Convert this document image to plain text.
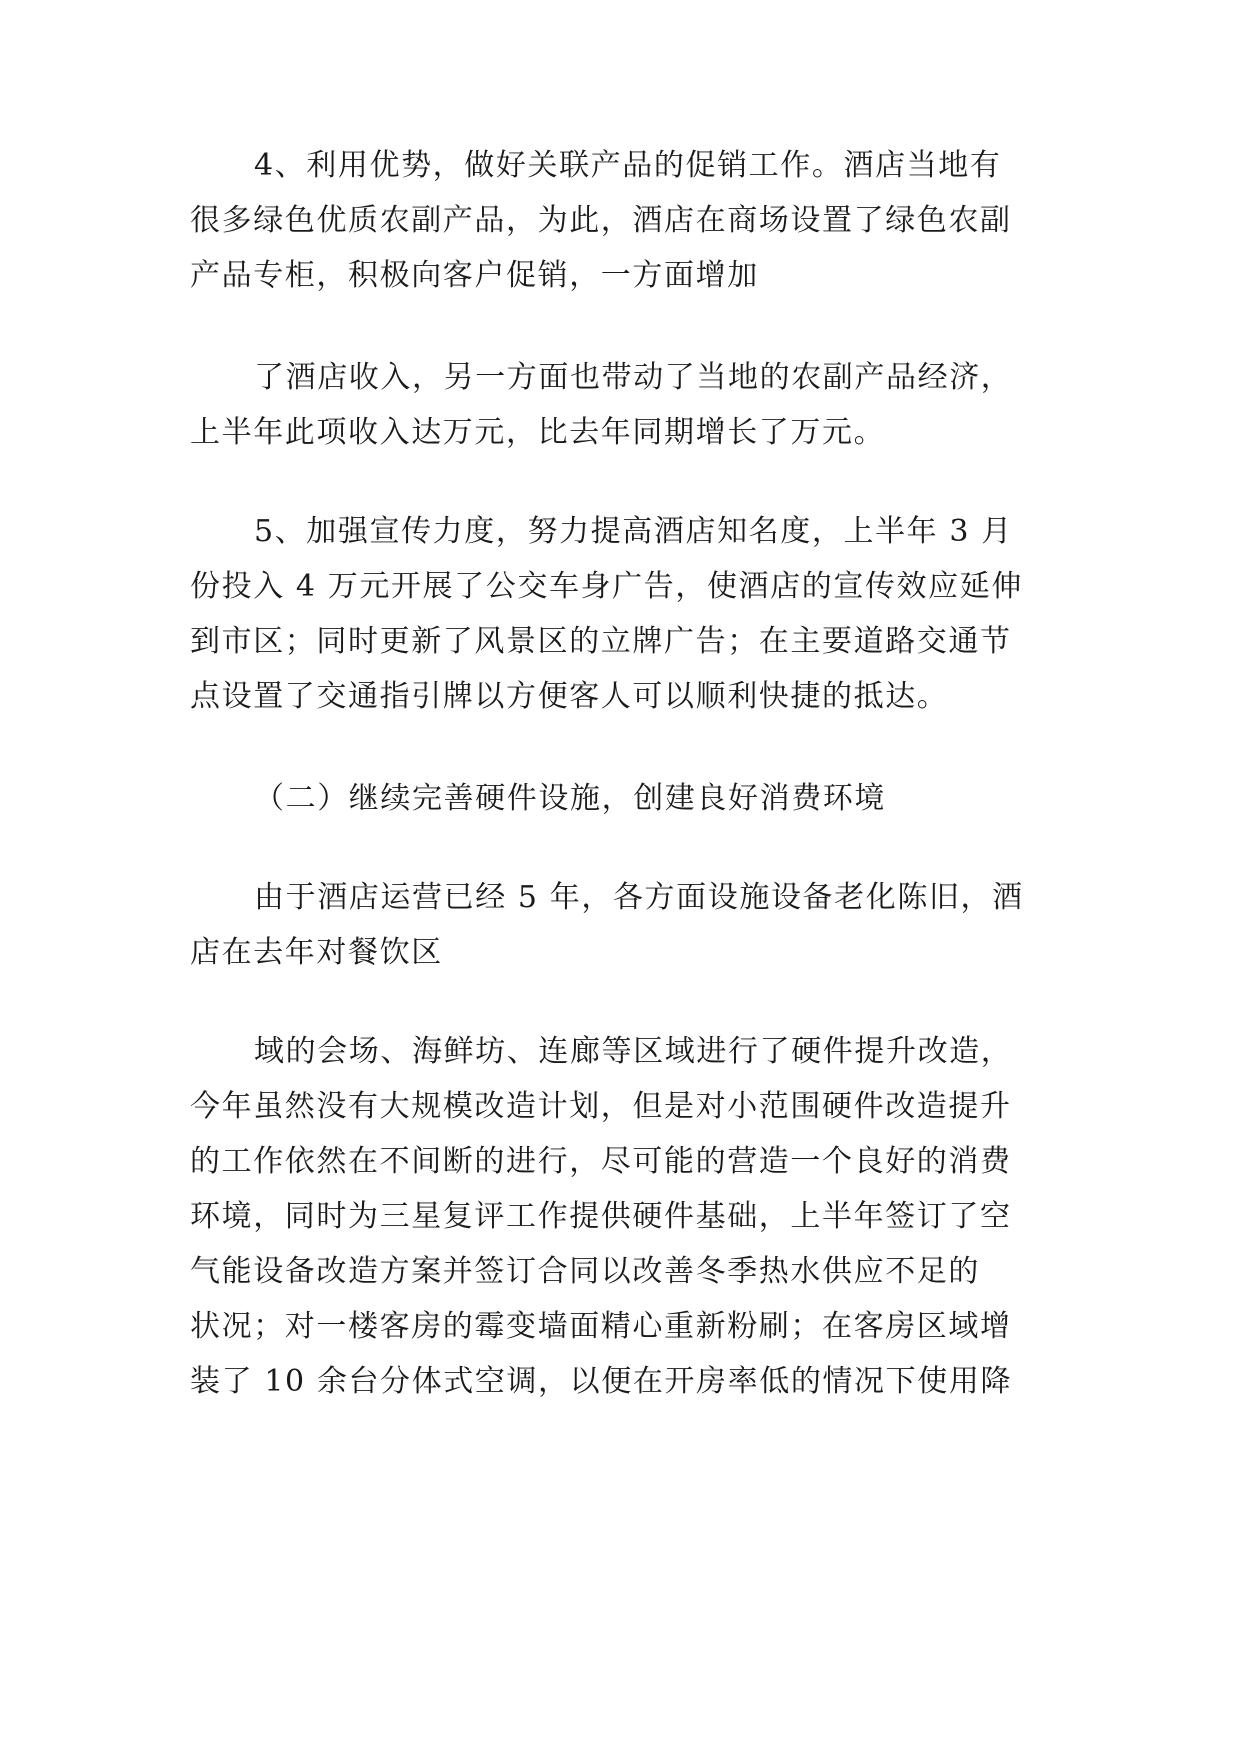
4、利用优势，做好关联产品的促销工作。酒店当地有
很多绿色优质农副产品，为此，酒店在商场设置了绿色农副
产品专柜，积极向客户促销，一方面增加
了酒店收入，另一方面也带动了当地的农副产品经济，
上半年此项收入达万元，比去年同期增长了万元。
5、加强宣传力度，努力提高酒店知名度，上半年 3 月
份投入 4 万元开展了公交车身广告，使酒店的宣传效应延伸
到市区；同时更新了风景区的立牌广告；在主要道路交通节
点设置了交通指引牌以方便客人可以顺利快捷的抵达。
（二）继续完善硬件设施，创建良好消费环境
由于酒店运营已经 5 年，各方面设施设备老化陈旧，酒
店在去年对餐饮区
域的会场、海鲜坊、连廊等区域进行了硬件提升改造，
今年虽然没有大规模改造计划，但是对小范围硬件改造提升
的工作依然在不间断的进行，尽可能的营造一个良好的消费
环境，同时为三星复评工作提供硬件基础，上半年签订了空
气能设备改造方案并签订合同以改善冬季热水供应不足的
状况；对一楼客房的霉变墙面精心重新粉刷；在客房区域增
装了 10 余台分体式空调，以便在开房率低的情况下使用降
